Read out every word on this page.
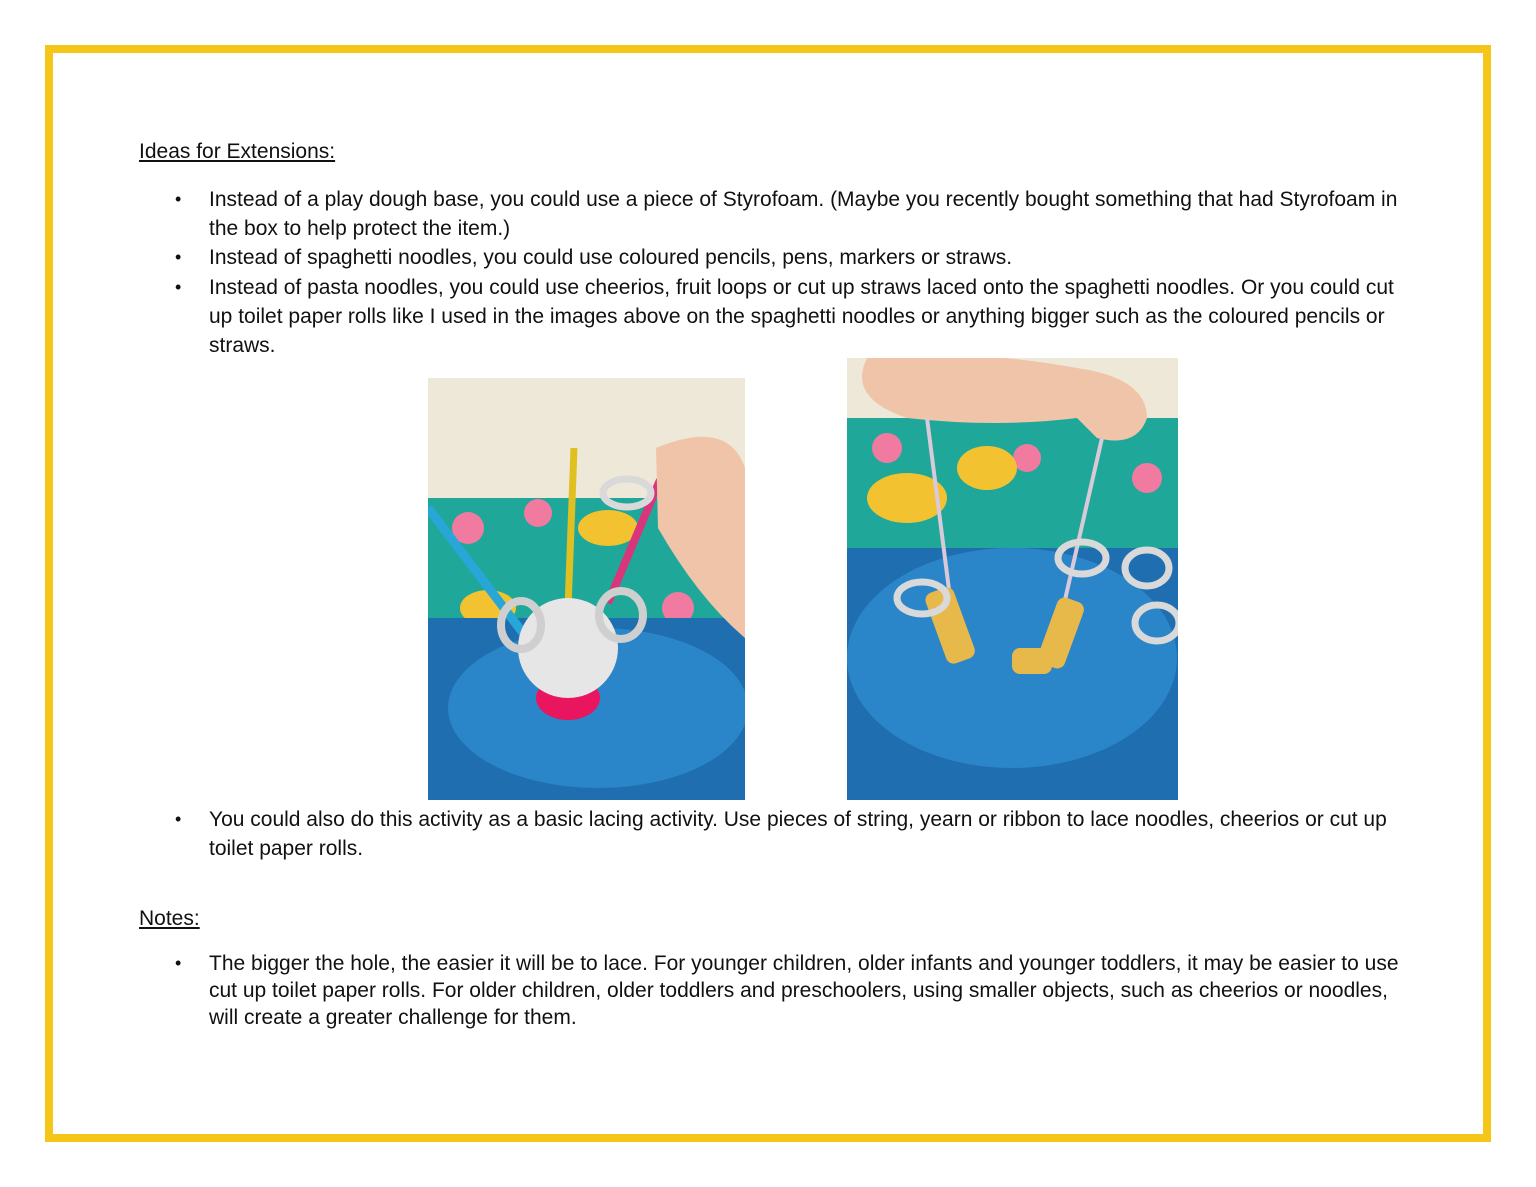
Ideas for Extensions:
• Instead of a play dough base, you could use a piece of Styrofoam. (Maybe you recently bought something that had Styrofoam in the box to help protect the item.)
• Instead of spaghetti noodles, you could use coloured pencils, pens, markers or straws.
• Instead of pasta noodles, you could use cheerios, fruit loops or cut up straws laced onto the spaghetti noodles. Or you could cut up toilet paper rolls like I used in the images above on the spaghetti noodles or anything bigger such as the coloured pencils or straws.
• You could also do this activity as a basic lacing activity. Use pieces of string, yearn or ribbon to lace noodles, cheerios or cut up toilet paper rolls.
Notes:
• The bigger the hole, the easier it will be to lace. For younger children, older infants and younger toddlers, it may be easier to use cut up toilet paper rolls. For older children, older toddlers and preschoolers, using smaller objects, such as cheerios or noodles, will create a greater challenge for them.
